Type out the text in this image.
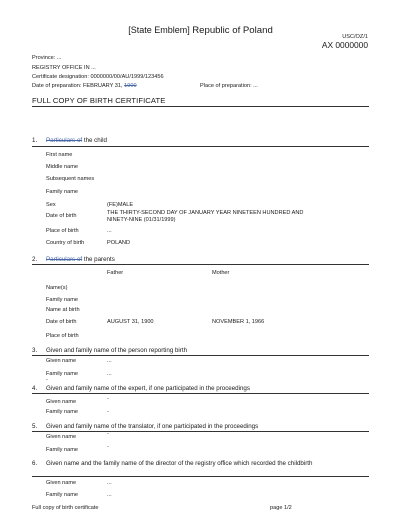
[State Emblem] Republic of Poland
USC/OZ/1
AX 0000000
Province: ...
REGISTRY OFFICE IN ...
Certificate designation: 0000000/00/AU/1999/123456
Date of preparation: FEBRUARY 31, 1900	Place of preparation: ...
FULL COPY OF BIRTH CERTIFICATE
1. Particulars of the child
First name
Middle name
Subsequent names
Family name
Sex	(FE)MALE
Date of birth	THE THIRTY-SECOND DAY OF JANUARY YEAR NINETEEN HUNDRED AND NINETY-NINE (01/31/1999)
Place of birth	...
Country of birth	POLAND
2. Particulars of the parents
Father	Mother
Name(s)
Family name
Name at birth
Date of birth	AUGUST 31, 1900	NOVEMBER 1, 1966
Place of birth
3. Given and family name of the person reporting birth
Given name	...
Family name	...
-
4. Given and family name of the expert, if one participated in the proceedings
Given name	-
Family name	-
5. Given and family name of the translator, if one participated in the proceedings
Given name	-
Family name	-
6. Given name and the family name of the director of the registry office which recorded the childbirth
Given name	...
Family name	...
Full copy of birth certificate	page 1/2
